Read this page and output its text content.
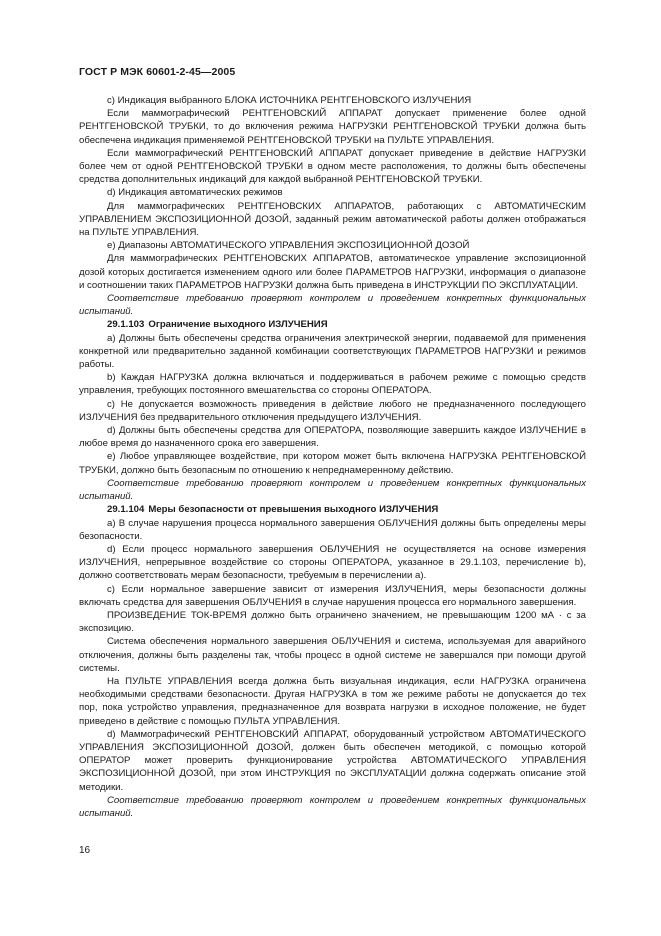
ГОСТ Р МЭК 60601-2-45—2005

c) Индикация выбранного БЛОКА ИСТОЧНИКА РЕНТГЕНОВСКОГО ИЗЛУЧЕНИЯ

Если маммографический РЕНТГЕНОВСКИЙ АППАРАТ допускает применение более одной РЕНТГЕНОВСКОЙ ТРУБКИ, то до включения режима НАГРУЗКИ РЕНТГЕНОВСКОЙ ТРУБКИ должна быть обеспечена индикация применяемой РЕНТГЕНОВСКОЙ ТРУБКИ на ПУЛЬТЕ УПРАВЛЕНИЯ.

Если маммографический РЕНТГЕНОВСКИЙ АППАРАТ допускает приведение в действие НАГРУЗКИ более чем от одной РЕНТГЕНОВСКОЙ ТРУБКИ в одном месте расположения, то должны быть обеспечены средства дополнительных индикаций для каждой выбранной РЕНТГЕНОВСКОЙ ТРУБКИ.

d) Индикация автоматических режимов

Для маммографических РЕНТГЕНОВСКИХ АППАРАТОВ, работающих с АВТОМАТИЧЕСКИМ УПРАВЛЕНИЕМ ЭКСПОЗИЦИОННОЙ ДОЗОЙ, заданный режим автоматической работы должен отображаться на ПУЛЬТЕ УПРАВЛЕНИЯ.

e) Диапазоны АВТОМАТИЧЕСКОГО УПРАВЛЕНИЯ ЭКСПОЗИЦИОННОЙ ДОЗОЙ

Для маммографических РЕНТГЕНОВСКИХ АППАРАТОВ, автоматическое управление экспозиционной дозой которых достигается изменением одного или более ПАРАМЕТРОВ НАГРУЗКИ, информация о диапазоне и соотношении таких ПАРАМЕТРОВ НАГРУЗКИ должна быть приведена в ИНСТРУКЦИИ ПО ЭКСПЛУАТАЦИИ.

Соответствие требованию проверяют контролем и проведением конкретных функциональных испытаний.

29.1.103 Ограничение выходного ИЗЛУЧЕНИЯ

a) Должны быть обеспечены средства ограничения электрической энергии, подаваемой для применения конкретной или предварительно заданной комбинации соответствующих ПАРАМЕТРОВ НАГРУЗКИ и режимов работы.

b) Каждая НАГРУЗКА должна включаться и поддерживаться в рабочем режиме с помощью средств управления, требующих постоянного вмешательства со стороны ОПЕРАТОРА.

c) Не допускается возможность приведения в действие любого не предназначенного последующего ИЗЛУЧЕНИЯ без предварительного отключения предыдущего ИЗЛУЧЕНИЯ.

d) Должны быть обеспечены средства для ОПЕРАТОРА, позволяющие завершить каждое ИЗЛУЧЕНИЕ в любое время до назначенного срока его завершения.

e) Любое управляющее воздействие, при котором может быть включена НАГРУЗКА РЕНТГЕНОВСКОЙ ТРУБКИ, должно быть безопасным по отношению к непреднамеренному действию.

Соответствие требованию проверяют контролем и проведением конкретных функциональных испытаний.

29.1.104 Меры безопасности от превышения выходного ИЗЛУЧЕНИЯ

a) В случае нарушения процесса нормального завершения ОБЛУЧЕНИЯ должны быть определены меры безопасности.

d) Если процесс нормального завершения ОБЛУЧЕНИЯ не осуществляется на основе измерения ИЗЛУЧЕНИЯ, непрерывное воздействие со стороны ОПЕРАТОРА, указанное в 29.1.103, перечисление b), должно соответствовать мерам безопасности, требуемым в перечислении a).

c) Если нормальное завершение зависит от измерения ИЗЛУЧЕНИЯ, меры безопасности должны включать средства для завершения ОБЛУЧЕНИЯ в случае нарушения процесса его нормального завершения.

ПРОИЗВЕДЕНИЕ ТОК-ВРЕМЯ должно быть ограничено значением, не превышающим 1200 мА · с за экспозицию.

Система обеспечения нормального завершения ОБЛУЧЕНИЯ и система, используемая для аварийного отключения, должны быть разделены так, чтобы процесс в одной системе не завершался при помощи другой системы.

На ПУЛЬТЕ УПРАВЛЕНИЯ всегда должна быть визуальная индикация, если НАГРУЗКА ограничена необходимыми средствами безопасности. Другая НАГРУЗКА в том же режиме работы не допускается до тех пор, пока устройство управления, предназначенное для возврата нагрузки в исходное положение, не будет приведено в действие с помощью ПУЛЬТА УПРАВЛЕНИЯ.

d) Маммографический РЕНТГЕНОВСКИЙ АППАРАТ, оборудованный устройством АВТОМАТИЧЕСКОГО УПРАВЛЕНИЯ ЭКСПОЗИЦИОННОЙ ДОЗОЙ, должен быть обеспечен методикой, с помощью которой ОПЕРАТОР может проверить функционирование устройства АВТОМАТИЧЕСКОГО УПРАВЛЕНИЯ ЭКСПОЗИЦИОННОЙ ДОЗОЙ, при этом ИНСТРУКЦИЯ по ЭКСПЛУАТАЦИИ должна содержать описание этой методики.

Соответствие требованию проверяют контролем и проведением конкретных функциональных испытаний.

16
